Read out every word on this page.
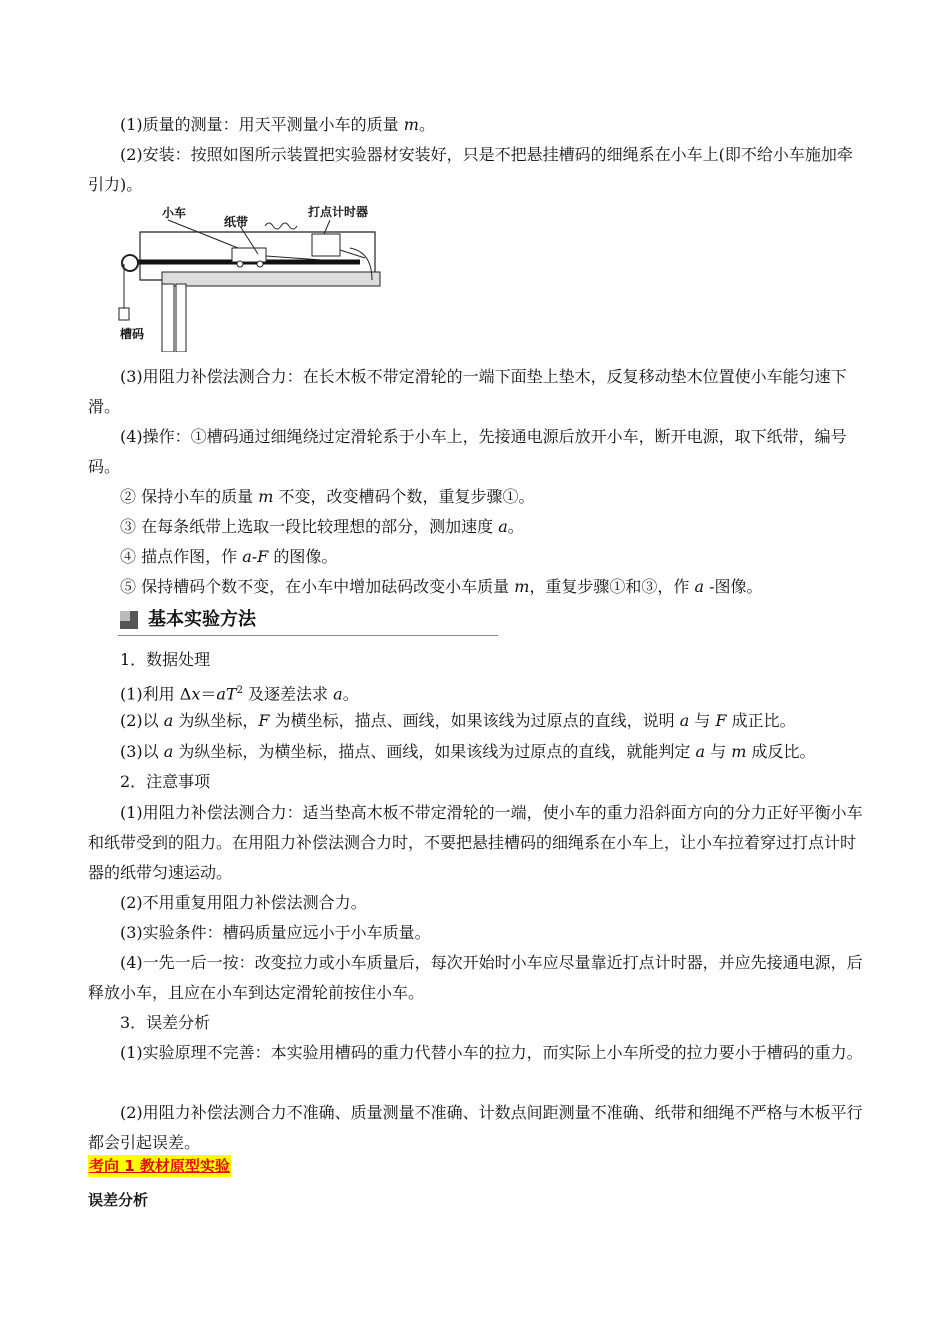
(1)质量的测量：用天平测量小车的质量 m。
(2)安装：按照如图所示装置把实验器材安装好，只是不把悬挂槽码的细绳系在小车上(即不给小车施加牵引力)。
小车
纸带
打点计时器
槽码
(3)用阻力补偿法测合力：在长木板不带定滑轮的一端下面垫上垫木，反复移动垫木位置使小车能匀速下滑。
(4)操作：①槽码通过细绳绕过定滑轮系于小车上，先接通电源后放开小车，断开电源，取下纸带，编号码。
② 保持小车的质量 m 不变，改变槽码个数，重复步骤①。
③ 在每条纸带上选取一段比较理想的部分，测加速度 a。
④ 描点作图，作 a-F 的图像。
⑤ 保持槽码个数不变，在小车中增加砝码改变小车质量 m，重复步骤①和③，作 a -图像。
基本实验方法
1．数据处理
(1)利用 $\Delta x=aT^2$ 及逐差法求 a。
(2)以 a 为纵坐标，F 为横坐标，描点、画线，如果该线为过原点的直线，说明 a 与 F 成正比。
(3)以 a 为纵坐标，为横坐标，描点、画线，如果该线为过原点的直线，就能判定 a 与 m 成反比。
2．注意事项
(1)用阻力补偿法测合力：适当垫高木板不带定滑轮的一端，使小车的重力沿斜面方向的分力正好平衡小车和纸带受到的阻力。在用阻力补偿法测合力时，不要把悬挂槽码的细绳系在小车上，让小车拉着穿过打点计时器的纸带匀速运动。
(2)不用重复用阻力补偿法测合力。
(3)实验条件：槽码质量应远小于小车质量。
(4)一先一后一按：改变拉力或小车质量后，每次开始时小车应尽量靠近打点计时器，并应先接通电源，后释放小车，且应在小车到达定滑轮前按住小车。
3．误差分析
(1)实验原理不完善：本实验用槽码的重力代替小车的拉力，而实际上小车所受的拉力要小于槽码的重力。
(2)用阻力补偿法测合力不准确、质量测量不准确、计数点间距测量不准确、纸带和细绳不严格与木板平行都会引起误差。
考向 1 教材原型实验
误差分析
